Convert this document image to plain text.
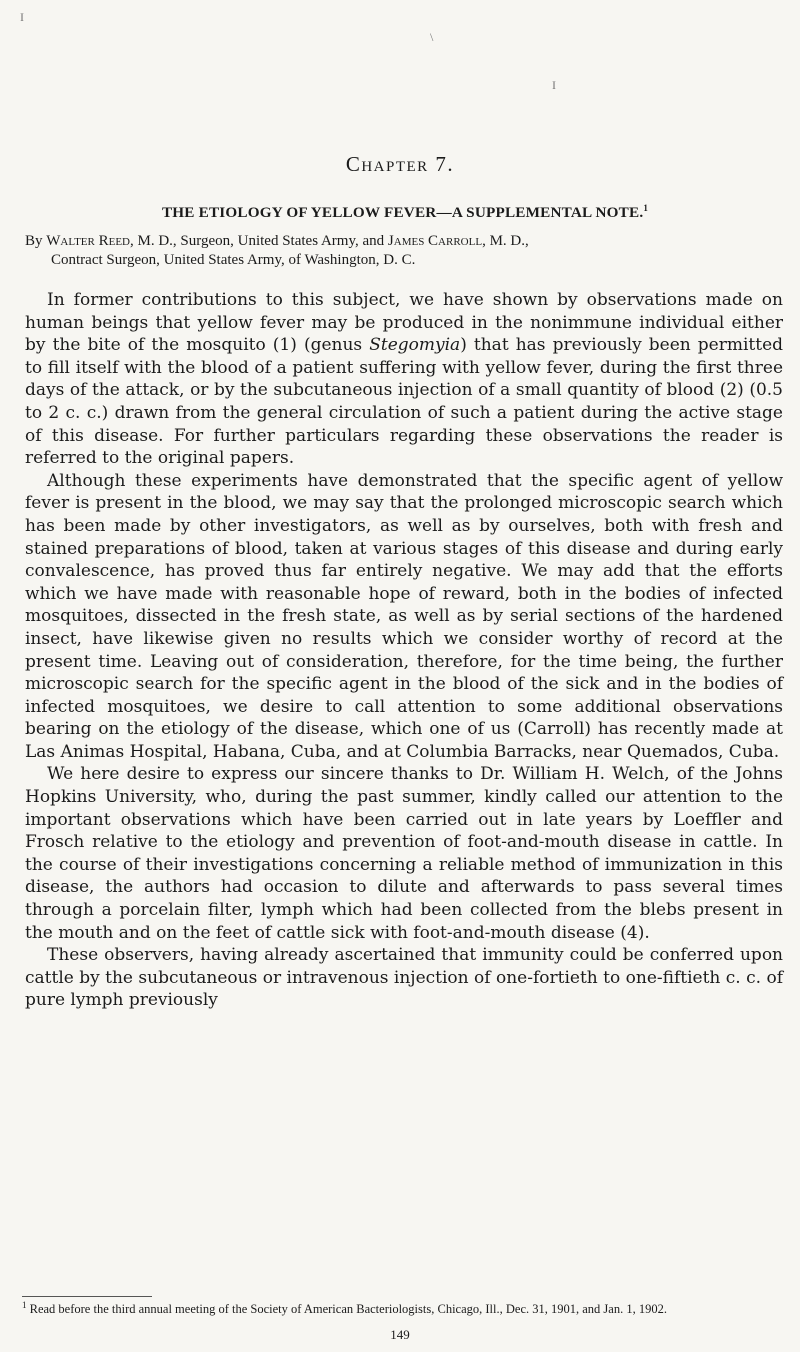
I
\
I
Chapter 7.
THE ETIOLOGY OF YELLOW FEVER—A SUPPLEMENTAL NOTE.$^1$
By Walter Reed, M. D., Surgeon, United States Army, and James Carroll, M. D.,
Contract Surgeon, United States Army, of Washington, D. C.

In former contributions to this subject, we have shown by observations made on human beings that yellow fever may be produced in the nonimmune individual either by the bite of the mosquito (1) (genus Stegomyia) that has previously been permitted to fill itself with the blood of a patient suffering with yellow fever, during the first three days of the attack, or by the subcutaneous injection of a small quantity of blood (2) (0.5 to 2 c. c.) drawn from the general circulation of such a patient during the active stage of this disease. For further particulars regarding these observations the reader is referred to the original papers.

Although these experiments have demonstrated that the specific agent of yellow fever is present in the blood, we may say that the prolonged microscopic search which has been made by other investigators, as well as by ourselves, both with fresh and stained preparations of blood, taken at various stages of this disease and during early convalescence, has proved thus far entirely negative. We may add that the efforts which we have made with reasonable hope of reward, both in the bodies of infected mosquitoes, dissected in the fresh state, as well as by serial sections of the hardened insect, have likewise given no results which we consider worthy of record at the present time. Leaving out of consideration, therefore, for the time being, the further microscopic search for the specific agent in the blood of the sick and in the bodies of infected mosquitoes, we desire to call attention to some additional observations bearing on the etiology of the disease, which one of us (Carroll) has recently made at Las Animas Hospital, Habana, Cuba, and at Columbia Barracks, near Quemados, Cuba.

We here desire to express our sincere thanks to Dr. William H. Welch, of the Johns Hopkins University, who, during the past summer, kindly called our attention to the important observations which have been carried out in late years by Loeffler and Frosch relative to the etiology and prevention of foot-and-mouth disease in cattle. In the course of their investigations concerning a reliable method of immunization in this disease, the authors had occasion to dilute and afterwards to pass several times through a porcelain filter, lymph which had been collected from the blebs present in the mouth and on the feet of cattle sick with foot-and-mouth disease (4).

These observers, having already ascertained that immunity could be conferred upon cattle by the subcutaneous or intravenous injection of one-fortieth to one-fiftieth c. c. of pure lymph previously

$^1$ Read before the third annual meeting of the Society of American Bacteriologists, Chicago, Ill., Dec. 31, 1901, and Jan. 1, 1902.
149
